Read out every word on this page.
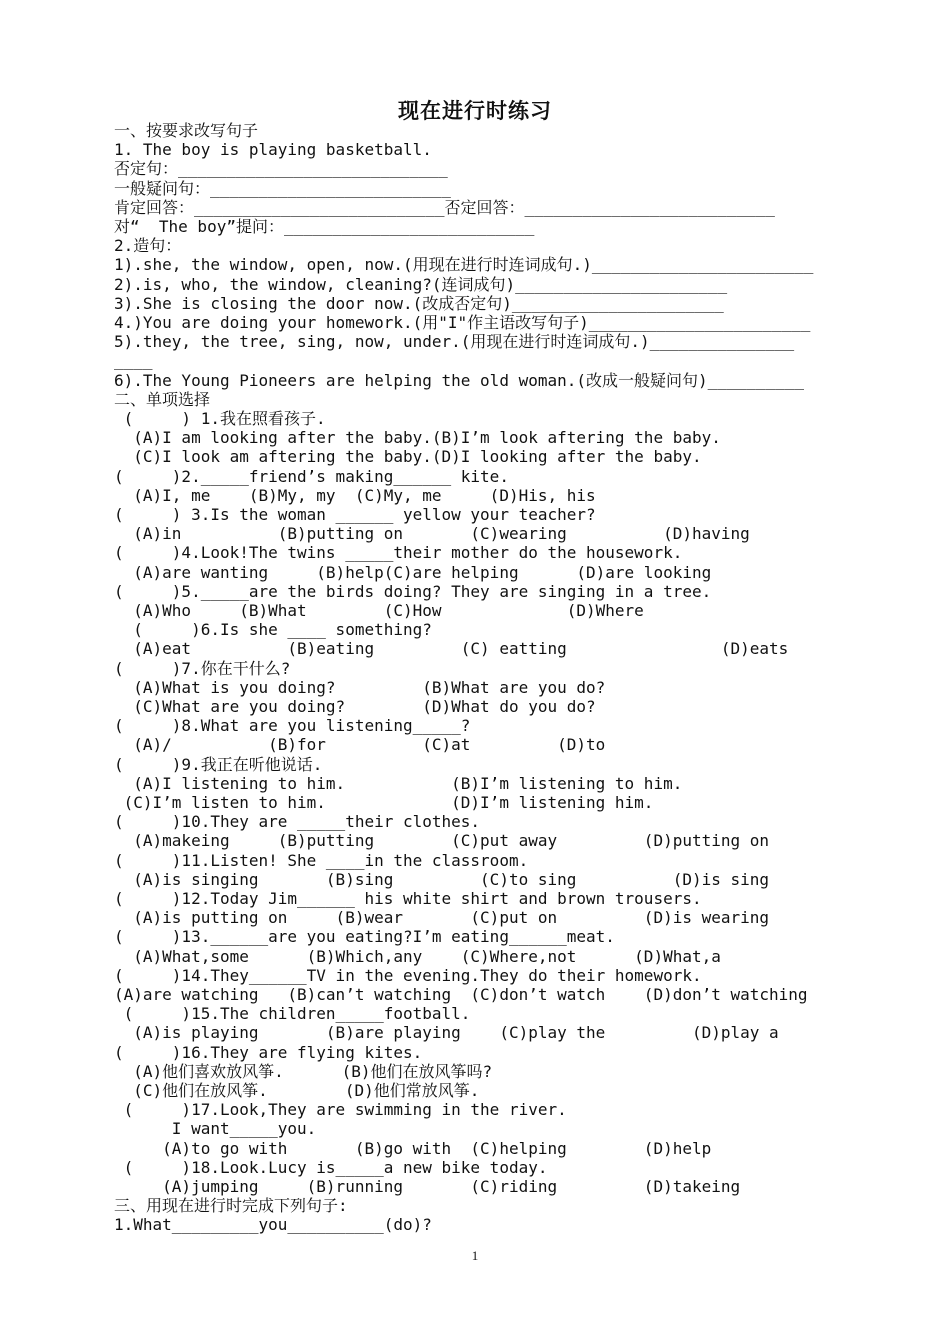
现在进行时练习
一、按要求改写句子
1. The boy is playing basketball.
否定句：____________________________
一般疑问句：_________________________
肯定回答：__________________________否定回答：__________________________
对“  The boy”提问：__________________________
2.造句：
1).she, the window, open, now.(用现在进行时连词成句.)_______________________
2).is, who, the window, cleaning?(连词成句)______________________
3).She is closing the door now.(改成否定句)______________________
4.)You are doing your homework.(用"I"作主语改写句子)_______________________
5).they, the tree, sing, now, under.(用现在进行时连词成句.)_______________
____
6).The Young Pioneers are helping the old woman.(改成一般疑问句)__________
二、单项选择
(     ) 1.我在照看孩子.
(A)I am looking after the baby.(B)I’m look aftering the baby.
(C)I look am aftering the baby.(D)I looking after the baby.
(     )2._____friend’s making______ kite.
(A)I, me    (B)My, my  (C)My, me     (D)His, his
(     ) 3.Is the woman ______ yellow your teacher?
(A)in          (B)putting on       (C)wearing          (D)having
(     )4.Look!The twins _____their mother do the housework.
(A)are wanting     (B)help(C)are helping      (D)are looking
(     )5._____are the birds doing? They are singing in a tree.
(A)Who     (B)What        (C)How             (D)Where
(     )6.Is she ____ something?
(A)eat          (B)eating         (C) eatting                (D)eats
(     )7.你在干什么?
(A)What is you doing?         (B)What are you do?
(C)What are you doing?        (D)What do you do?
(     )8.What are you listening_____?
(A)/          (B)for          (C)at         (D)to
(     )9.我正在听他说话.
(A)I listening to him.           (B)I’m listening to him.
(C)I’m listen to him.             (D)I’m listening him.
(     )10.They are _____their clothes.
(A)makeing     (B)putting        (C)put away         (D)putting on
(     )11.Listen! She ____in the classroom.
(A)is singing       (B)sing         (C)to sing          (D)is sing
(     )12.Today Jim______ his white shirt and brown trousers.
(A)is putting on     (B)wear       (C)put on         (D)is wearing
(     )13.______are you eating?I’m eating______meat.
(A)What,some      (B)Which,any    (C)Where,not      (D)What,a
(     )14.They______TV in the evening.They do their homework.
(A)are watching   (B)can’t watching  (C)don’t watch    (D)don’t watching
(     )15.The children_____football.
(A)is playing       (B)are playing    (C)play the         (D)play a
(     )16.They are flying kites.
(A)他们喜欢放风筝.      (B)他们在放风筝吗?
(C)他们在放风筝.        (D)他们常放风筝.
(     )17.Look,They are swimming in the river.
I want_____you.
(A)to go with       (B)go with  (C)helping        (D)help
(     )18.Look.Lucy is_____a new bike today.
(A)jumping     (B)running       (C)riding         (D)takeing
三、用现在进行时完成下列句子:
1.What_________you__________(do)?
1
